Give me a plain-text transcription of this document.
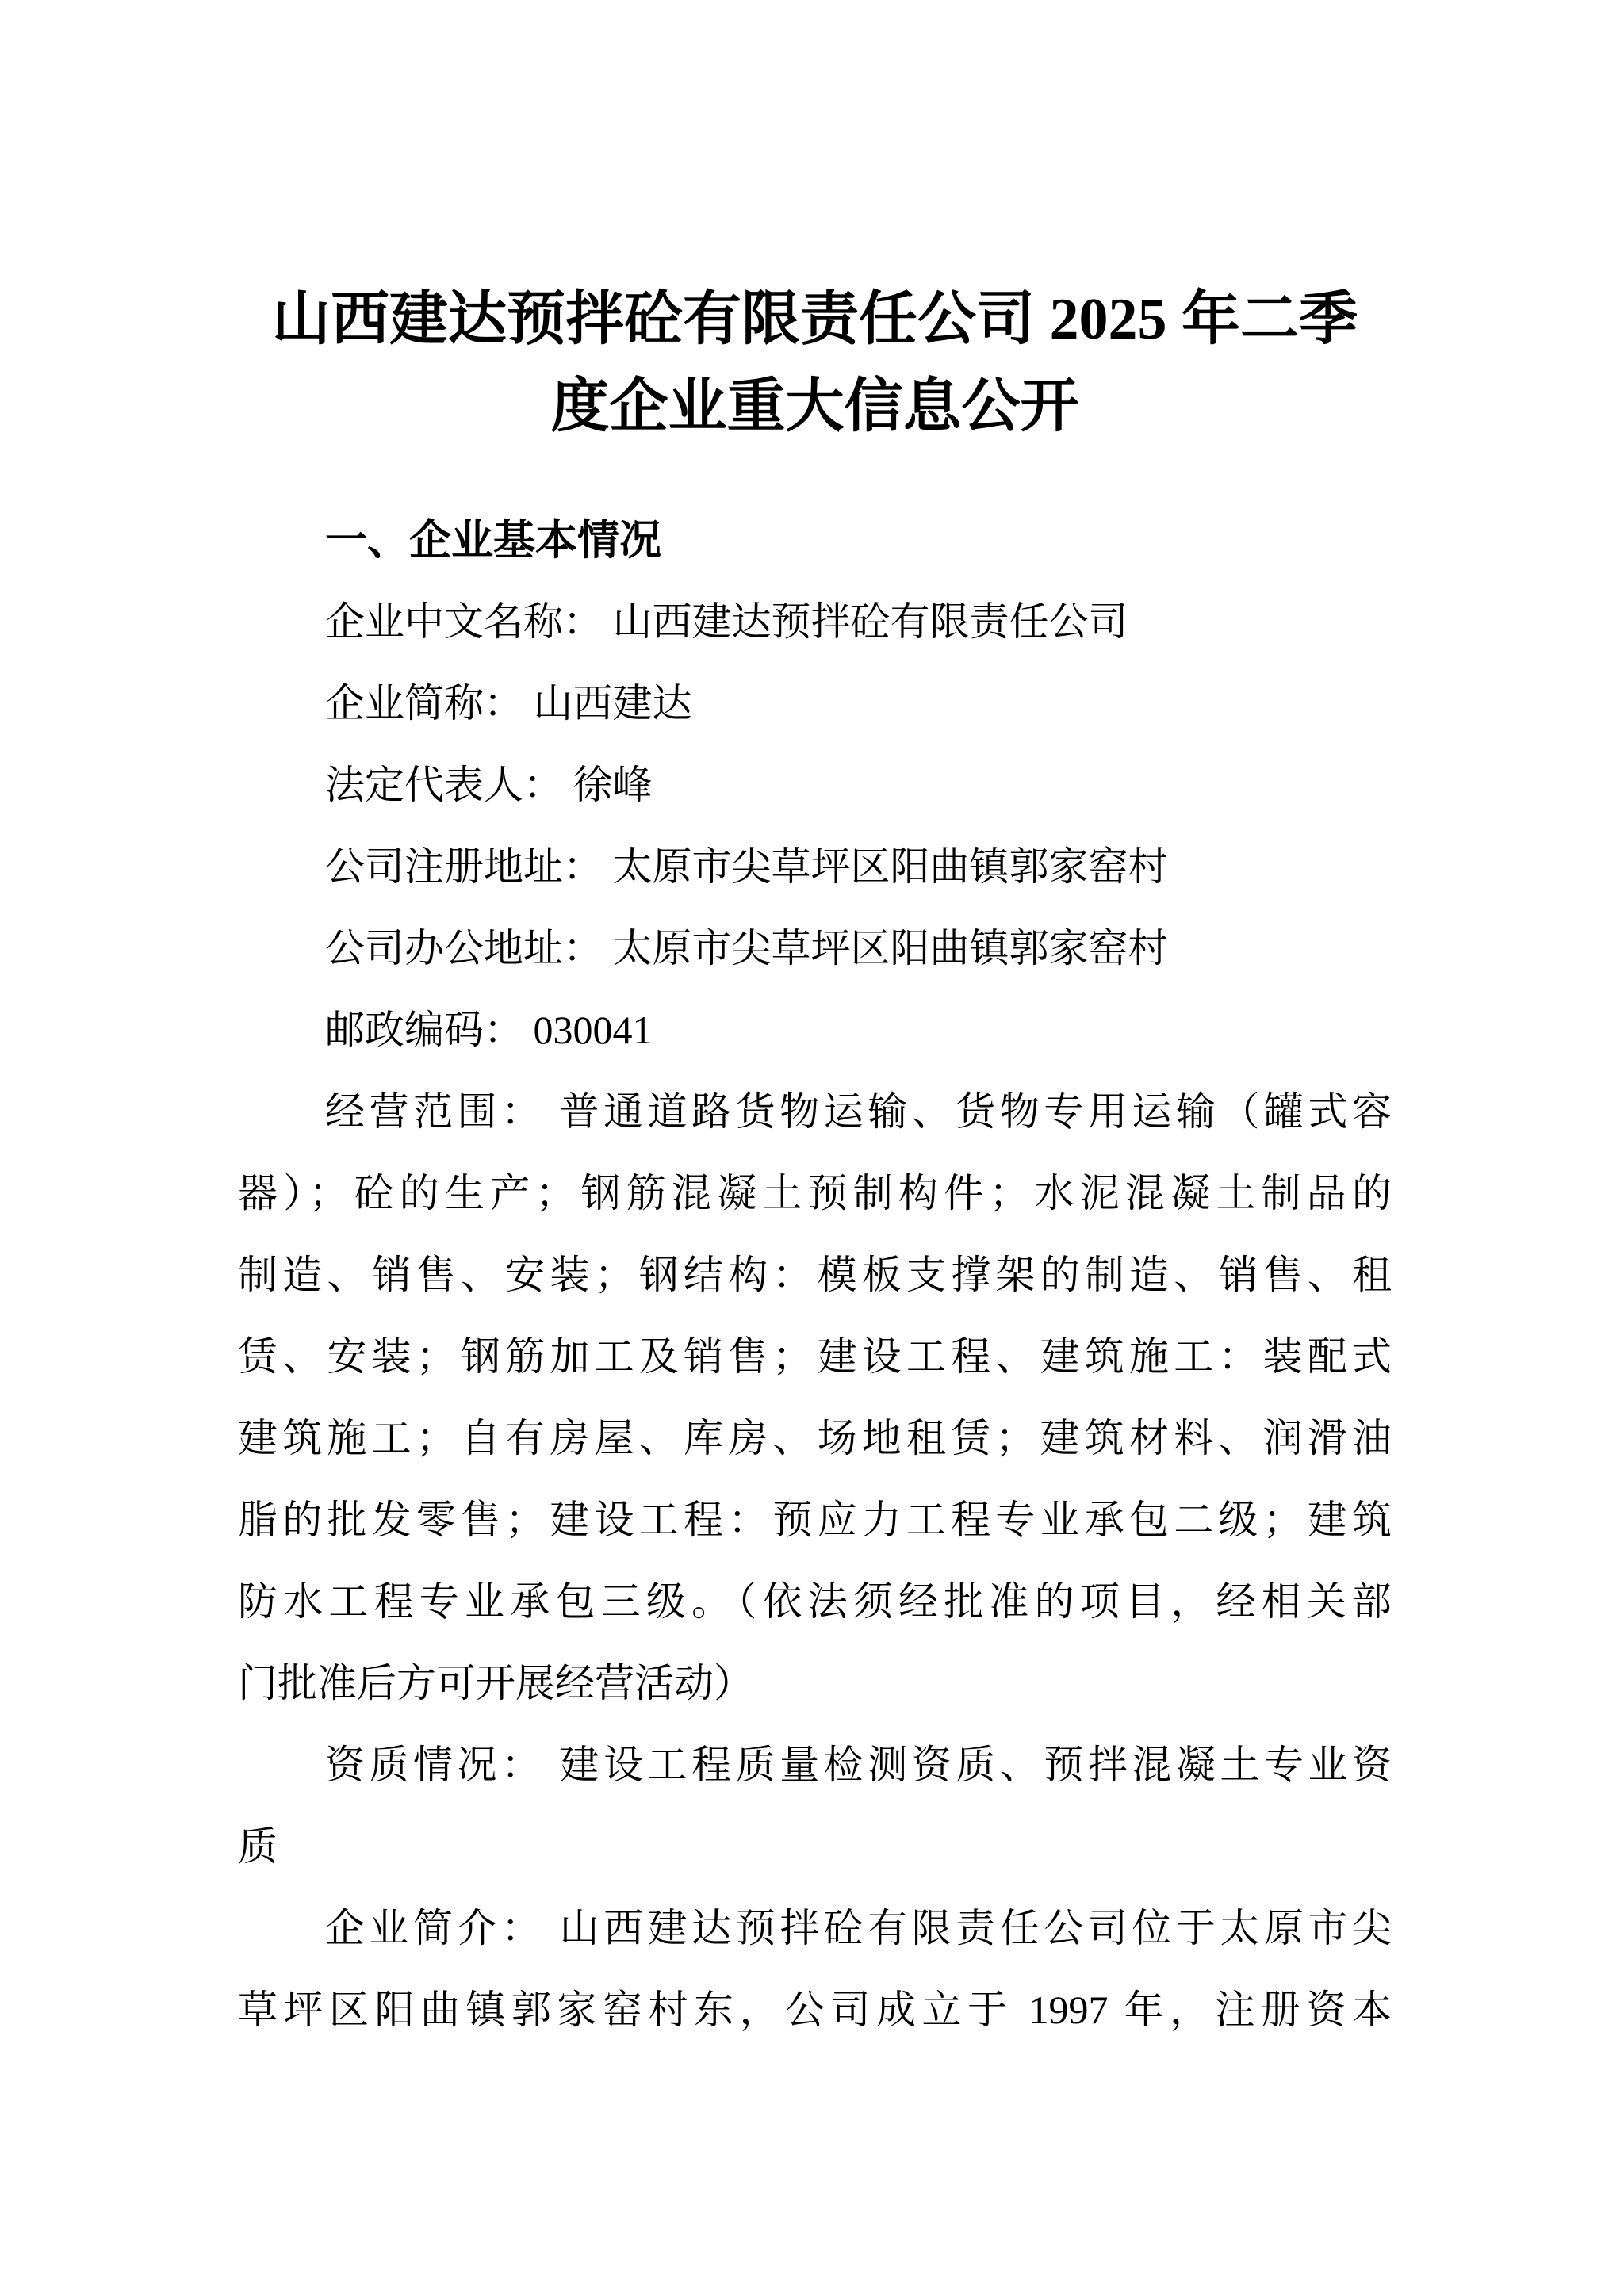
山西建达预拌砼有限责任公司 2025 年二季
度企业重大信息公开
一、企业基本情况
企业中文名称： 山西建达预拌砼有限责任公司
企业简称： 山西建达
法定代表人： 徐峰
公司注册地址： 太原市尖草坪区阳曲镇郭家窑村
公司办公地址： 太原市尖草坪区阳曲镇郭家窑村
邮政编码： 030041
经营范围： 普通道路货物运输、货物专用运输（罐式容
器）；砼的生产；钢筋混凝土预制构件；水泥混凝土制品的
制造、销售、安装；钢结构：模板支撑架的制造、销售、租
赁、安装；钢筋加工及销售；建设工程、建筑施工：装配式
建筑施工；自有房屋、库房、场地租赁；建筑材料、润滑油
脂的批发零售；建设工程：预应力工程专业承包二级；建筑
防水工程专业承包三级。（依法须经批准的项目，经相关部
门批准后方可开展经营活动）
资质情况： 建设工程质量检测资质、预拌混凝土专业资
质
企业简介： 山西建达预拌砼有限责任公司位于太原市尖
草坪区阳曲镇郭家窑村东，公司成立于 1997 年，注册资本
